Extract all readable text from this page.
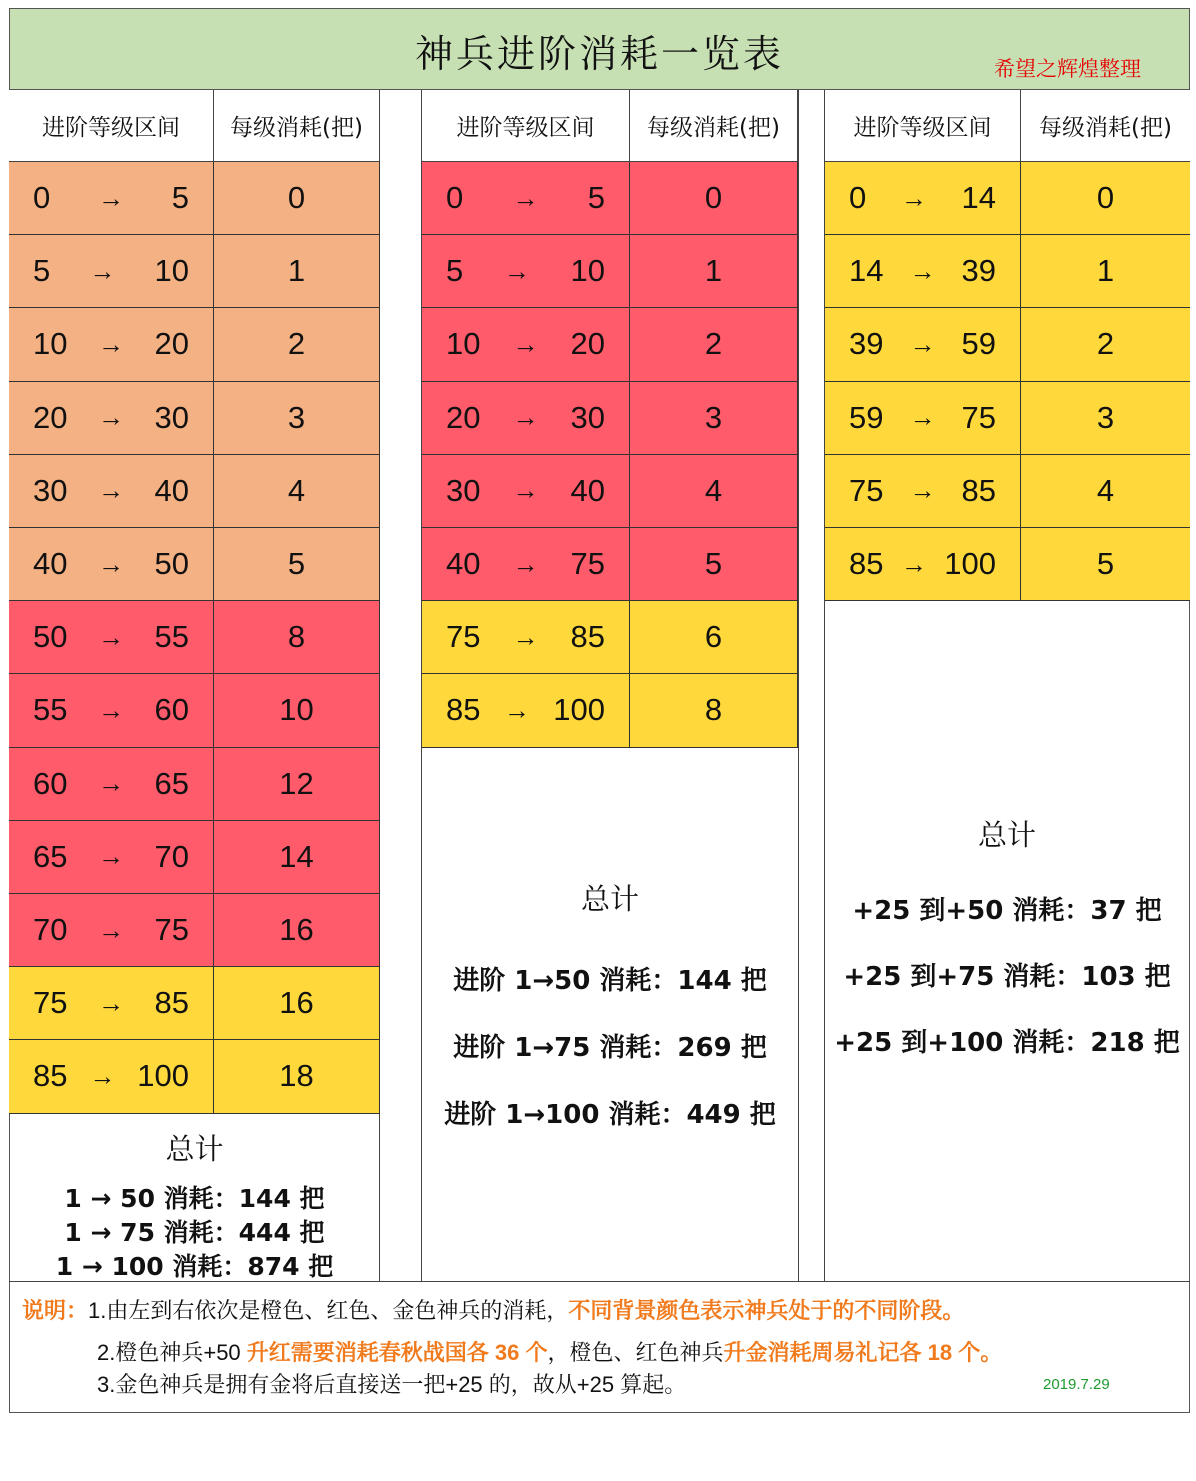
神兵进阶消耗一览表	希望之辉煌整理
进阶等级区间	每级消耗(把)
0 → 5	0
5 → 10	1
10 → 20	2
20 → 30	3
30 → 40	4
40 → 50	5
50 → 55	8
55 → 60	10
60 → 65	12
65 → 70	14
70 → 75	16
75 → 85	16
85 → 100	18
进阶等级区间	每级消耗(把)
0 → 5	0
5 → 10	1
10 → 20	2
20 → 30	3
30 → 40	4
40 → 75	5
75 → 85	6
85 → 100	8
进阶等级区间	每级消耗(把)
0 → 14	0
14 → 39	1
39 → 59	2
59 → 75	3
75 → 85	4
85 → 100	5
总计
1 → 50 消耗：144 把
1 → 75 消耗：444 把
1 → 100 消耗：874 把
总计
进阶 1→50 消耗：144 把
进阶 1→75 消耗：269 把
进阶 1→100 消耗：449 把
总计
+25 到+50 消耗：37 把
+25 到+75 消耗：103 把
+25 到+100 消耗：218 把
说明：1.由左到右依次是橙色、红色、金色神兵的消耗，不同背景颜色表示神兵处于的不同阶段。
2.橙色神兵+50 升红需要消耗春秋战国各 36 个，橙色、红色神兵升金消耗周易礼记各 18 个。
3.金色神兵是拥有金将后直接送一把+25 的，故从+25 算起。	2019.7.29
